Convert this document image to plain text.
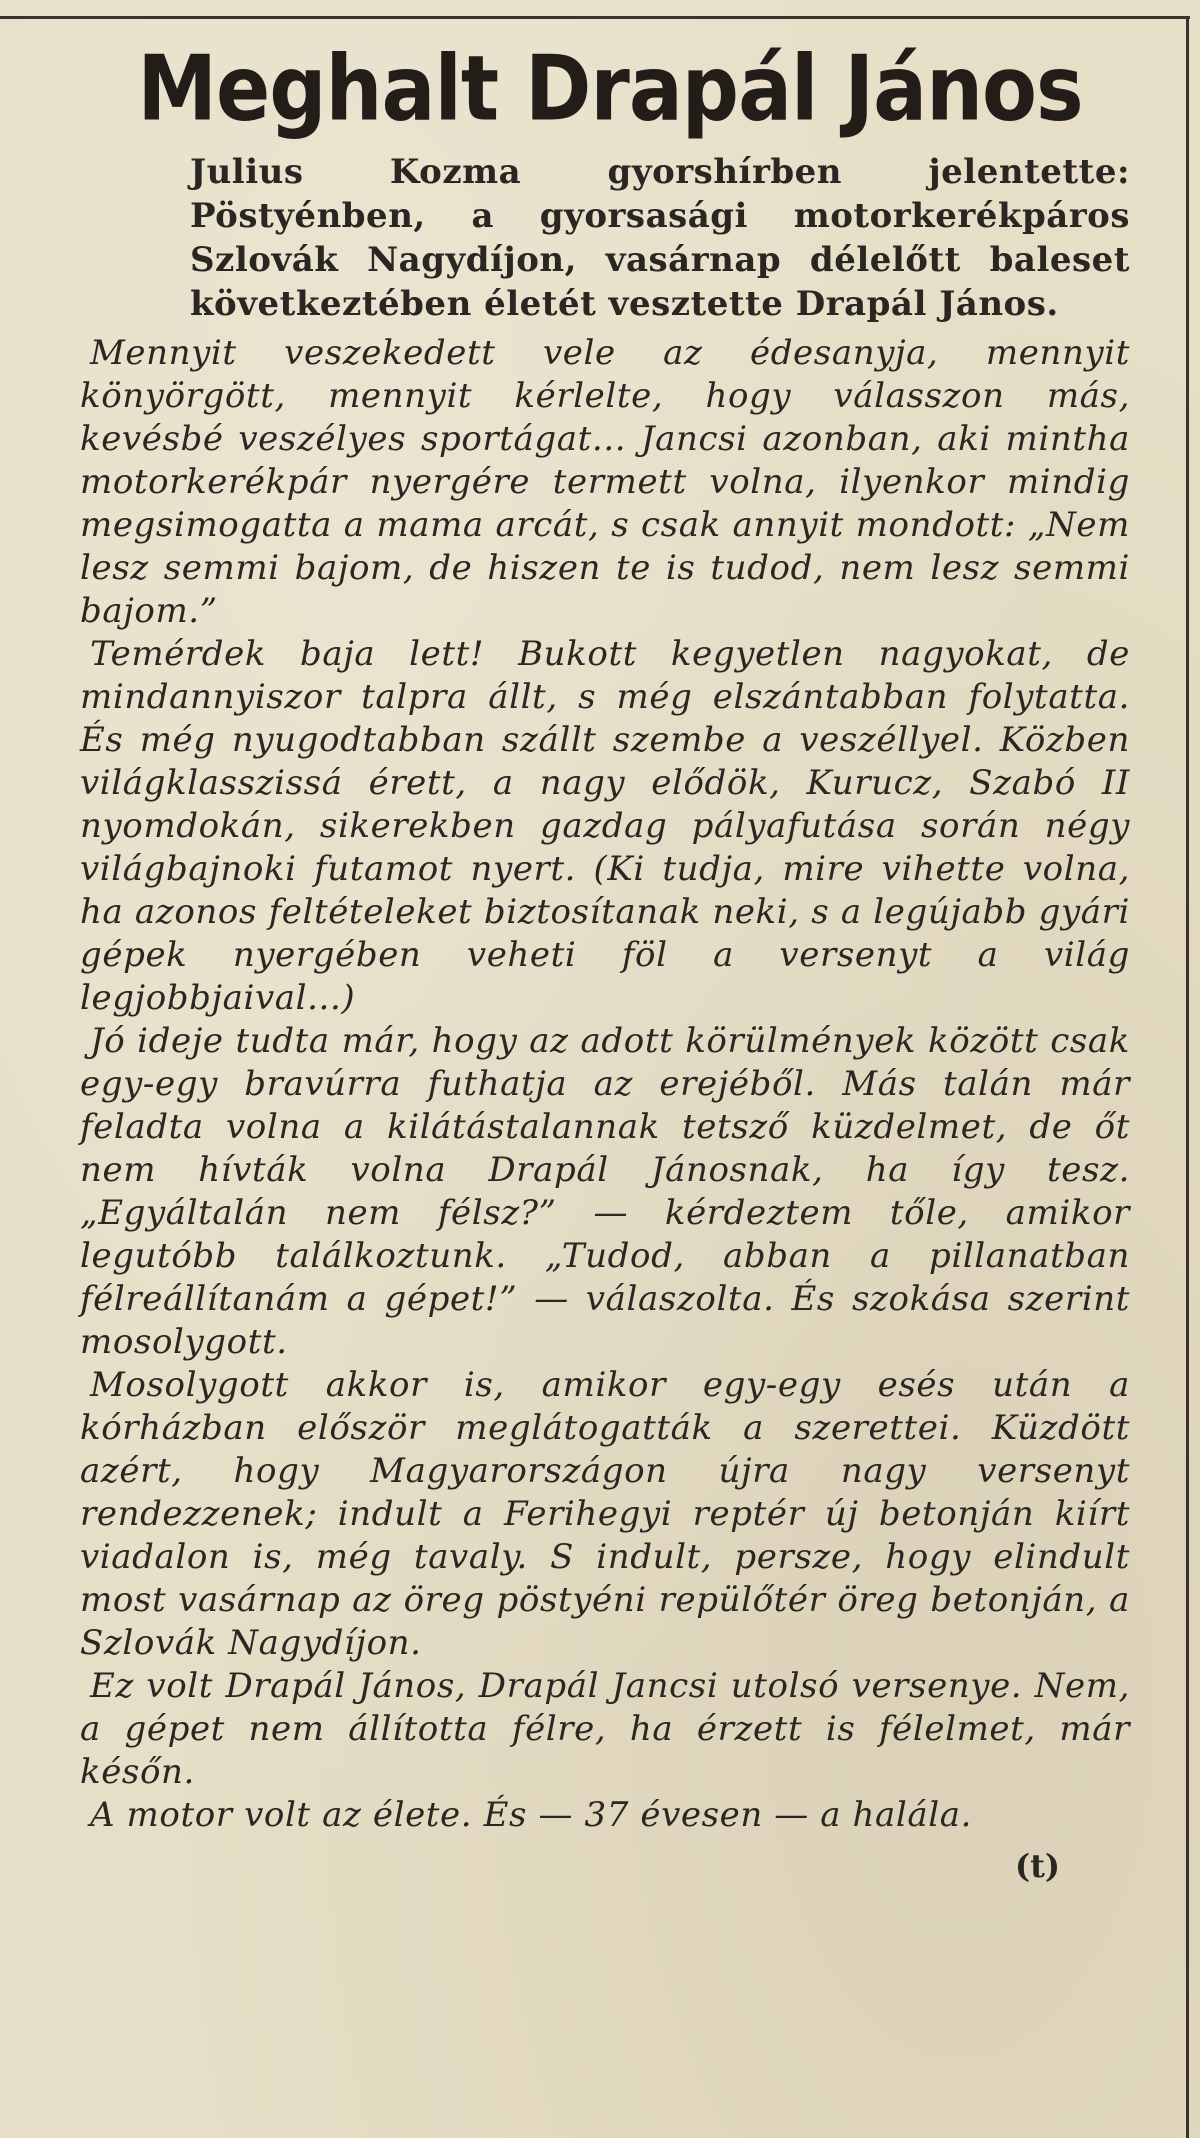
Meghalt Drapál János

Julius Kozma gyorshírben jelentette: Pöstyénben, a gyorsasági motorkerékpáros Szlovák Nagydíjon, vasárnap délelőtt baleset következtében életét vesztette Drapál János.

Mennyit veszekedett vele az édesanyja, mennyit könyörgött, mennyit kérlelte, hogy válasszon más, kevésbé veszélyes sportágat... Jancsi azonban, aki mintha motorkerékpár nyergére termett volna, ilyenkor mindig megsimogatta a mama arcát, s csak annyit mondott: „Nem lesz semmi bajom, de hiszen te is tudod, nem lesz semmi bajom.”

Temérdek baja lett! Bukott kegyetlen nagyokat, de mindannyiszor talpra állt, s még elszántabban folytatta. És még nyugodtabban szállt szembe a veszéllyel. Közben világklasszissá érett, a nagy elődök, Kurucz, Szabó II nyomdokán, sikerekben gazdag pályafutása során négy világbajnoki futamot nyert. (Ki tudja, mire vihette volna, ha azonos feltételeket biztosítanak neki, s a legújabb gyári gépek nyergében veheti föl a versenyt a világ legjobbjaival...)

Jó ideje tudta már, hogy az adott körülmények között csak egy-egy bravúrra futhatja az erejéből. Más talán már feladta volna a kilátástalannak tetsző küzdelmet, de őt nem hívták volna Drapál Jánosnak, ha így tesz. „Egyáltalán nem félsz?” — kérdeztem tőle, amikor legutóbb találkoztunk. „Tudod, abban a pillanatban félreállítanám a gépet!” — válaszolta. És szokása szerint mosolygott.

Mosolygott akkor is, amikor egy-egy esés után a kórházban először meglátogatták a szerettei. Küzdött azért, hogy Magyarországon újra nagy versenyt rendezzenek; indult a Ferihegyi reptér új betonján kiírt viadalon is, még tavaly. S indult, persze, hogy elindult most vasárnap az öreg pöstyéni repülőtér öreg betonján, a Szlovák Nagydíjon.

Ez volt Drapál János, Drapál Jancsi utolsó versenye. Nem, a gépet nem állította félre, ha érzett is félelmet, már későn.

A motor volt az élete. És — 37 évesen — a halála.

(t)
